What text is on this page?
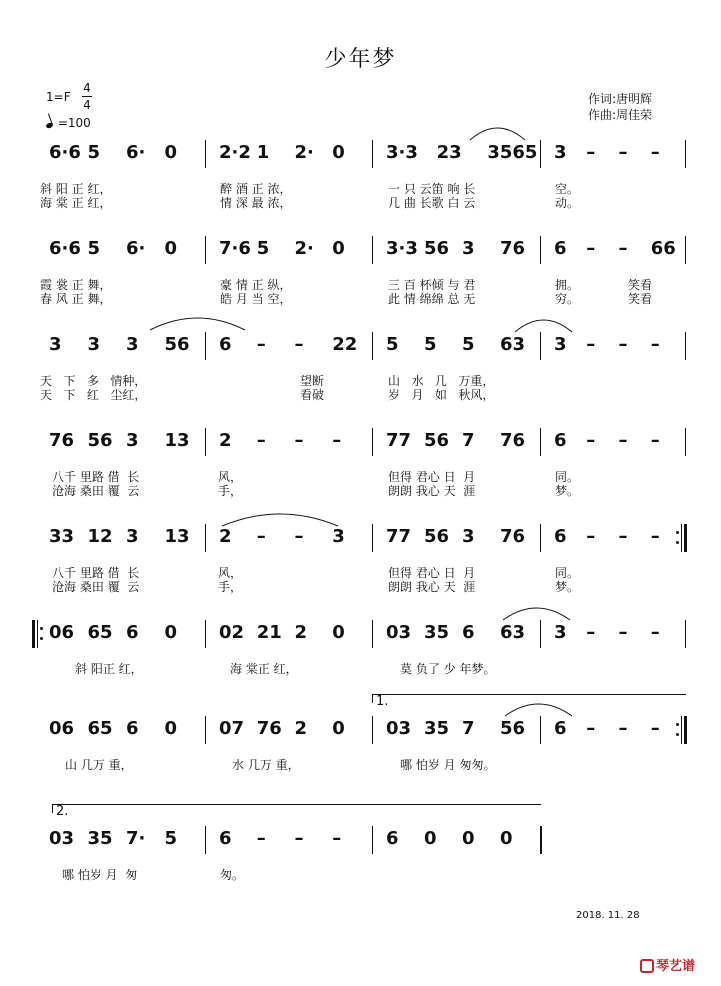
少年梦
1=F
4
4
=100
作词:唐明辉
作曲:周佳荣
6·6 5 6· 0 2·2 1 2· 0 3·3 23 3565 3 – – –
斜 阳 正 红，	醉 酒 正 浓，	一 只 云笛 响 长	空。
海 棠 正 红，	情 深 最 浓，	几 曲 长歌 白 云	动。
6·6 5 6· 0 7·6 5 2· 0 3·3 56 3 76 6 – – 66
霞 裳 正 舞，	豪 情 正 纵，	三 百 杯倾 与 君	拥。	笑看
春 风 正 舞，	皓 月 当 空，	此 情 绵绵 总 无	穷。	笑看
3 3 3 56 6 – – 22 5 5 5 63 3 – – –
天   下   多   情种，	望断	山   水   几   万重，
天   下   红   尘红，	看破	岁   月   如   秋风，
76 56 3 13 2 – – – 77 56 7 76 6 – – –
八千 里路 借  长	风，	但得 君心 日  月	同。
沧海 桑田 覆  云	手，	朗朗 我心 天  涯	梦。
33 12 3 13 2 – – 3 77 56 3 76 6 – – –
八千 里路 借  长	风，	但得 君心 日  月	同。
沧海 桑田 覆  云	手，	朗朗 我心 天  涯	梦。
06 65 6 0 02 21 2 0 03 35 6 63 3 – – –
斜 阳正 红，	海 棠正 红，	莫 负了 少 年梦。
06 65 6 0 07 76 2 0 03 35 7 56 6 – – –
山 几万 重，	水 几万 重，	哪 怕岁 月 匆匆。
1.
03 35 7· 5 6 – – – 6 0 0 0
哪 怕岁 月  匆	匆。
2.
2018. 11. 28
琴艺谱
